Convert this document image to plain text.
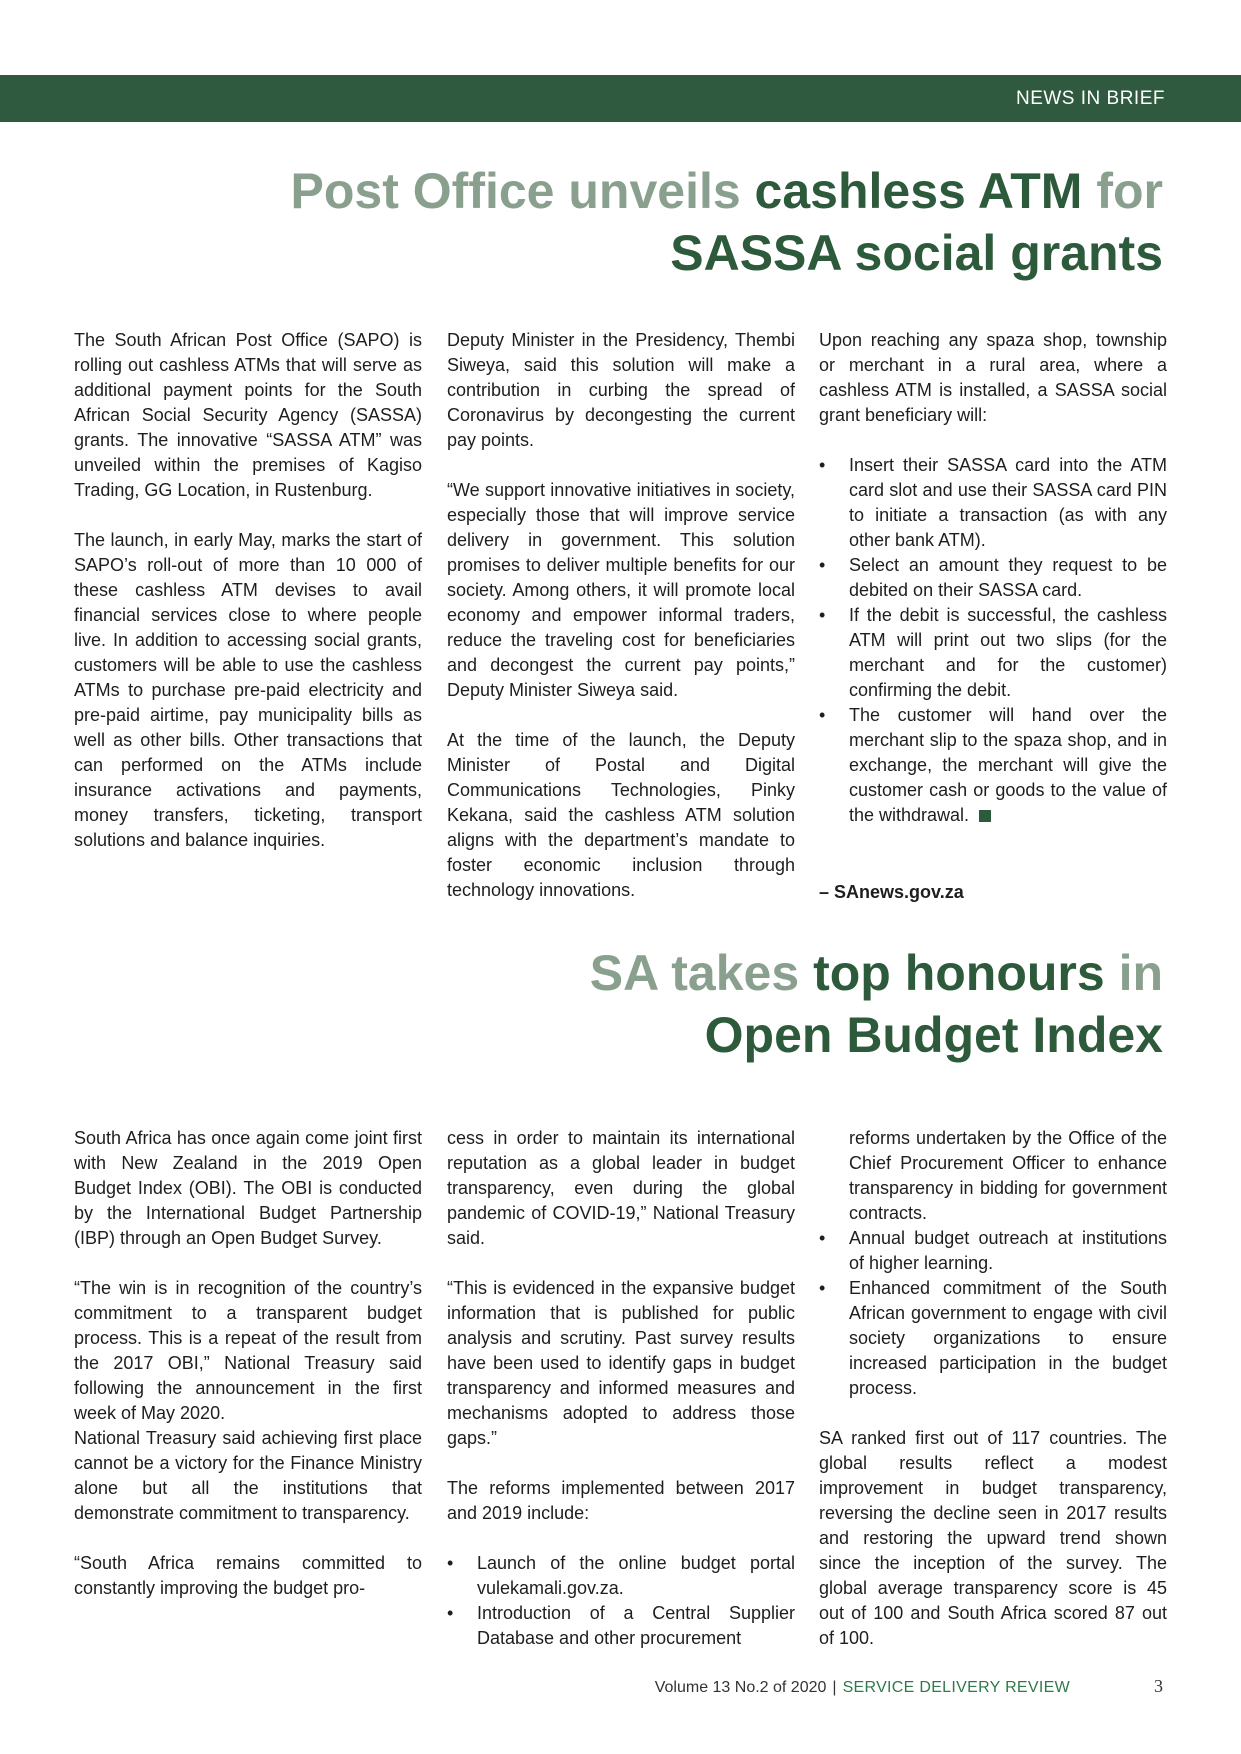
NEWS IN BRIEF
Post Office unveils cashless ATM for
SASSA social grants

The South African Post Office (SAPO) is rolling out cashless ATMs that will serve as additional payment points for the South African Social Security Agency (SASSA) grants. The innovative “SASSA ATM” was unveiled within the premises of Kagiso Trading, GG Location, in Rustenburg.

The launch, in early May, marks the start of SAPO’s roll-out of more than 10 000 of these cashless ATM devises to avail financial services close to where people live. In addition to accessing social grants, customers will be able to use the cashless ATMs to purchase pre-paid electricity and pre-paid airtime, pay municipality bills as well as other bills. Other transactions that can performed on the ATMs include insurance activations and payments, money transfers, ticketing, transport solutions and balance inquiries.

Deputy Minister in the Presidency, Thembi Siweya, said this solution will make a contribution in curbing the spread of Coronavirus by decongesting the current pay points.

“We support innovative initiatives in society, especially those that will improve service delivery in government. This solution promises to deliver multiple benefits for our society. Among others, it will promote local economy and empower informal traders, reduce the traveling cost for beneficiaries and decongest the current pay points,” Deputy Minister Siweya said.

At the time of the launch, the Deputy Minister of Postal and Digital Communications Technologies, Pinky Kekana, said the cashless ATM solution aligns with the department’s mandate to foster economic inclusion through technology innovations.

Upon reaching any spaza shop, township or merchant in a rural area, where a cashless ATM is installed, a SASSA social grant beneficiary will:

• Insert their SASSA card into the ATM card slot and use their SASSA card PIN to initiate a transaction (as with any other bank ATM).
• Select an amount they request to be debited on their SASSA card.
• If the debit is successful, the cashless ATM will print out two slips (for the merchant and for the customer) confirming the debit.
• The customer will hand over the merchant slip to the spaza shop, and in exchange, the merchant will give the customer cash or goods to the value of the withdrawal.
– SAnews.gov.za
SA takes top honours in
Open Budget Index

South Africa has once again come joint first with New Zealand in the 2019 Open Budget Index (OBI). The OBI is conducted by the International Budget Partnership (IBP) through an Open Budget Survey.

“The win is in recognition of the country’s commitment to a transparent budget process. This is a repeat of the result from the 2017 OBI,” National Treasury said following the announcement in the first week of May 2020.

National Treasury said achieving first place cannot be a victory for the Finance Ministry alone but all the institutions that demonstrate commitment to transparency.

“South Africa remains committed to constantly improving the budget pro-

cess in order to maintain its international reputation as a global leader in budget transparency, even during the global pandemic of COVID-19,” National Treasury said.

“This is evidenced in the expansive budget information that is published for public analysis and scrutiny. Past survey results have been used to identify gaps in budget transparency and informed measures and mechanisms adopted to address those gaps.”

The reforms implemented between 2017 and 2019 include:

• Launch of the online budget portal vulekamali.gov.za.
• Introduction of a Central Supplier Database and other procurement
reforms undertaken by the Office of the Chief Procurement Officer to enhance transparency in bidding for government contracts.
• Annual budget outreach at institutions of higher learning.
• Enhanced commitment of the South African government to engage with civil society organizations to ensure increased participation in the budget process.

SA ranked first out of 117 countries. The global results reflect a modest improvement in budget transparency, reversing the decline seen in 2017 results and restoring the upward trend shown since the inception of the survey. The global average transparency score is 45 out of 100 and South Africa scored 87 out of 100.

Volume 13 No.2 of 2020 | SERVICE DELIVERY REVIEW	3
